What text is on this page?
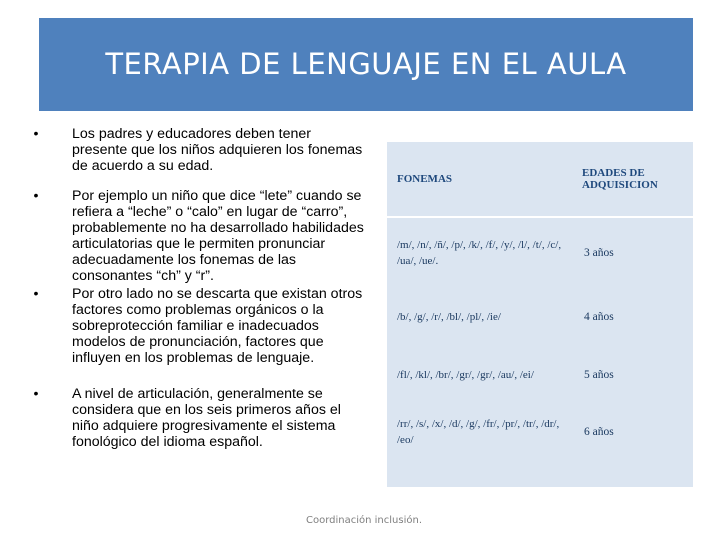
TERAPIA DE LENGUAJE EN EL AULA
• Los padres y educadores deben tener presente que los niños adquieren los fonemas de acuerdo a su edad.
• Por ejemplo un niño que dice “lete” cuando se refiera a “leche” o “calo” en lugar de “carro”, probablemente no ha desarrollado habilidades articulatorias que le permiten pronunciar adecuadamente los fonemas de las consonantes “ch” y “r”.
• Por otro lado no se descarta que existan otros factores como problemas orgánicos o la sobreprotección familiar e inadecuados modelos de pronunciación, factores que influyen en los problemas de lenguaje.
• A nivel de articulación, generalmente se considera que en los seis primeros años el niño adquiere progresivamente el sistema fonológico del idioma español.
FONEMAS	EDADES DE ADQUISICION
/m/, /n/, /ñ/, /p/, /k/, /f/, /y/, /l/, /t/, /c/, /ua/, /ue/.	3 años
/b/, /g/, /r/, /bl/, /pl/, /ie/	4 años
/fl/, /kl/, /br/, /gr/, /gr/, /au/, /ei/	5 años
/rr/, /s/, /x/, /d/, /g/, /fr/, /pr/, /tr/, /dr/, /eo/	6 años
Coordinación inclusión.
